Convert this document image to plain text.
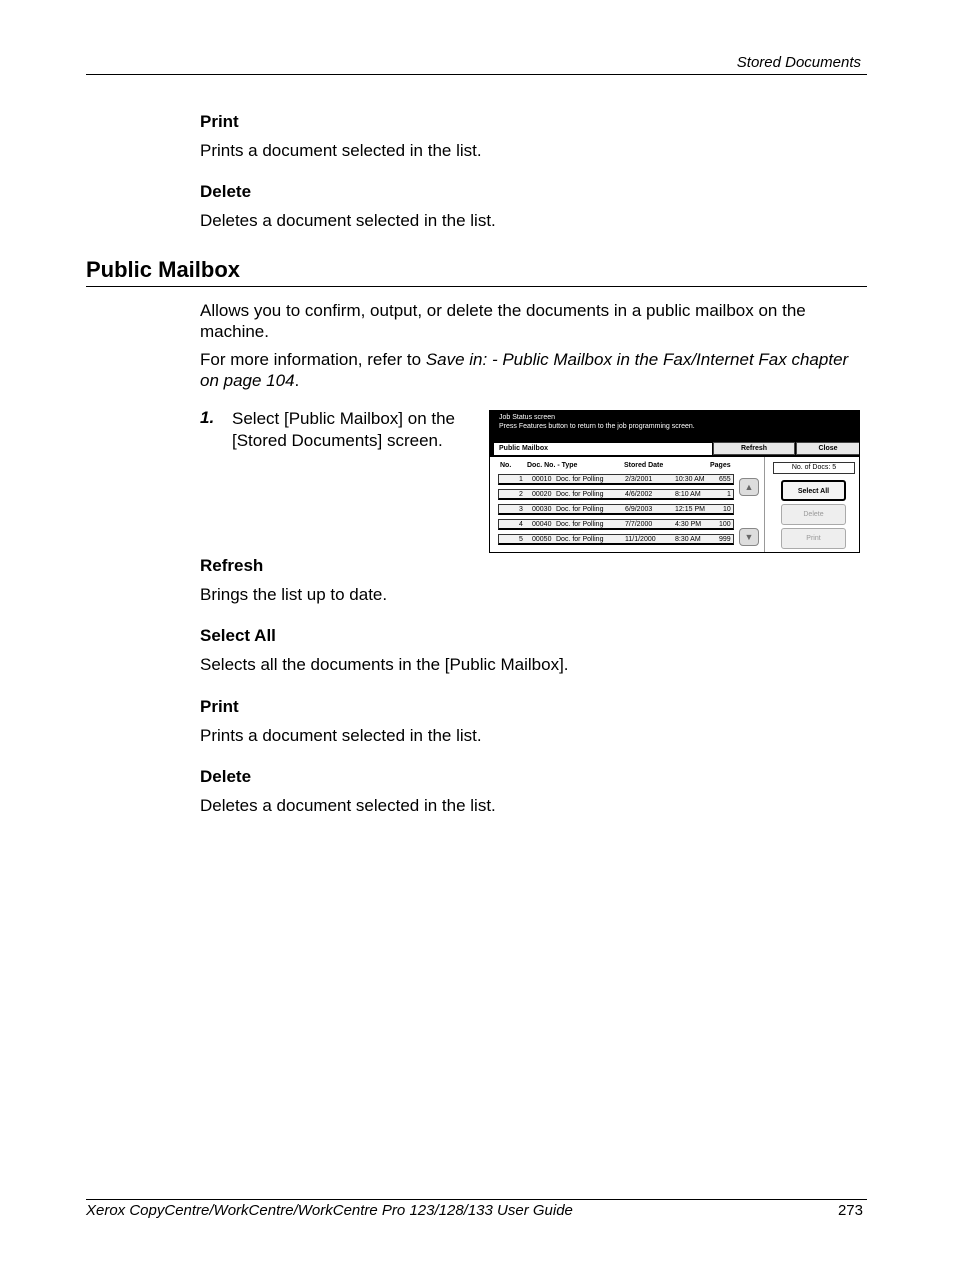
Stored Documents
Print
Prints a document selected in the list.
Delete
Deletes a document selected in the list.
Public Mailbox
Allows you to confirm, output, or delete the documents in a public mailbox on the machine.
For more information, refer to Save in: - Public Mailbox in the Fax/Internet Fax chapter on page 104.
1. Select [Public Mailbox] on the [Stored Documents] screen.
Job Status screen
Press Features button to return to the job programming screen.
Public Mailbox	Refresh	Close
No. Doc. No. - Type	Stored Date	Pages
1 00010 Doc. for Polling	2/3/2001	10:30 AM 655
2 00020 Doc. for Polling	4/6/2002	8:10 AM	1
3 00030 Doc. for Polling	6/9/2003	12:15 PM	10
4 00040 Doc. for Polling	7/7/2000	4:30 PM	100
5 00050 Doc. for Polling	11/1/2000	8:30 AM	999
▲
▼
No. of Docs: 5
Select All
Delete
Print
Refresh
Brings the list up to date.
Select All
Selects all the documents in the [Public Mailbox].
Print
Prints a document selected in the list.
Delete
Deletes a document selected in the list.
Xerox CopyCentre/WorkCentre/WorkCentre Pro 123/128/133 User Guide	273
